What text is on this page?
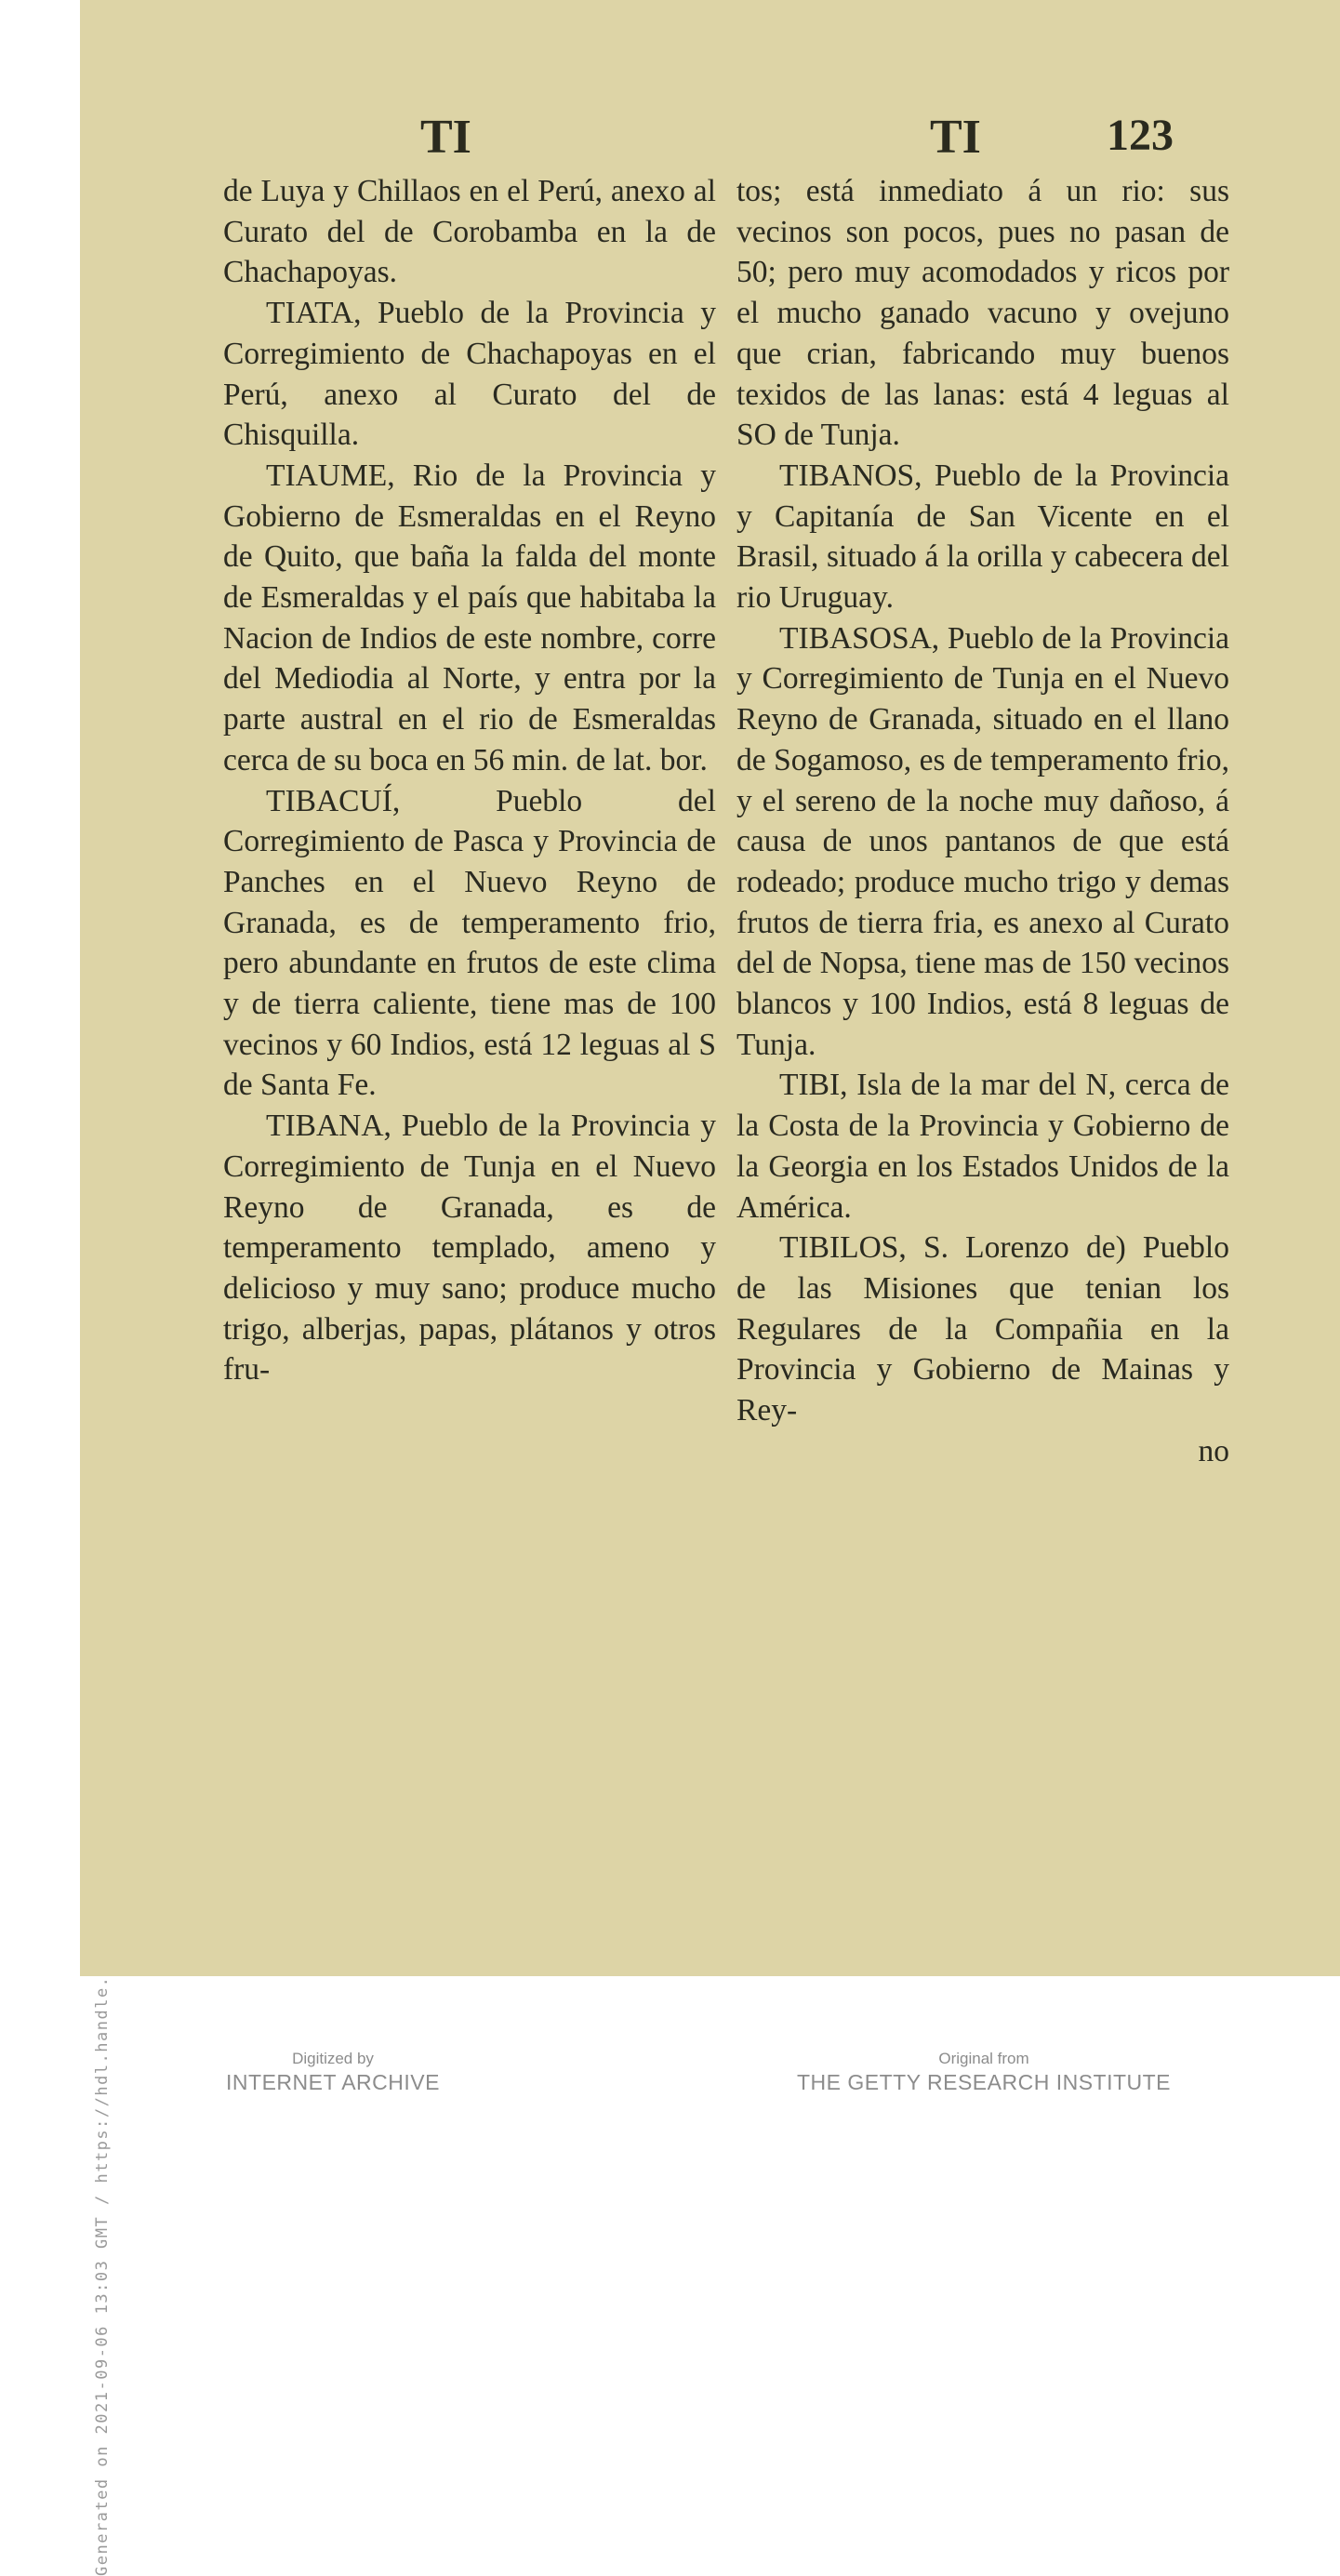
TI	TI	123

de Luya y Chillaos en el Perú, anexo al Curato del de Corobamba en la de Chachapoyas.

TIATA, Pueblo de la Provincia y Corregimiento de Chachapoyas en el Perú, anexo al Curato del de Chisquilla.

TIAUME, Rio de la Provincia y Gobierno de Esmeraldas en el Reyno de Quito, que baña la falda del monte de Esmeraldas y el país que habitaba la Nacion de Indios de este nombre, corre del Mediodia al Norte, y entra por la parte austral en el rio de Esmeraldas cerca de su boca en 56 min. de lat. bor.

TIBACUÍ, Pueblo del Corregimiento de Pasca y Provincia de Panches en el Nuevo Reyno de Granada, es de temperamento frio, pero abundante en frutos de este clima y de tierra caliente, tiene mas de 100 vecinos y 60 Indios, está 12 leguas al S de Santa Fe.

TIBANA, Pueblo de la Provincia y Corregimiento de Tunja en el Nuevo Reyno de Granada, es de temperamento templado, ameno y delicioso y muy sano; produce mucho trigo, alberjas, papas, plátanos y otros fru-

tos; está inmediato á un rio: sus vecinos son pocos, pues no pasan de 50; pero muy acomodados y ricos por el mucho ganado vacuno y ovejuno que crian, fabricando muy buenos texidos de las lanas: está 4 leguas al SO de Tunja.

TIBANOS, Pueblo de la Provincia y Capitanía de San Vicente en el Brasil, situado á la orilla y cabecera del rio Uruguay.

TIBASOSA, Pueblo de la Provincia y Corregimiento de Tunja en el Nuevo Reyno de Granada, situado en el llano de Sogamoso, es de temperamento frio, y el sereno de la noche muy dañoso, á causa de unos pantanos de que está rodeado; produce mucho trigo y demas frutos de tierra fria, es anexo al Curato del de Nopsa, tiene mas de 150 vecinos blancos y 100 Indios, está 8 leguas de Tunja.

TIBI, Isla de la mar del N, cerca de la Costa de la Provincia y Gobierno de la Georgia en los Estados Unidos de la América.

TIBILOS, S. Lorenzo de) Pueblo de las Misiones que tenian los Regulares de la Compañia en la Provincia y Gobierno de Mainas y Rey-

no

Digitized by
INTERNET ARCHIVE
Original from
THE GETTY RESEARCH INSTITUTE
